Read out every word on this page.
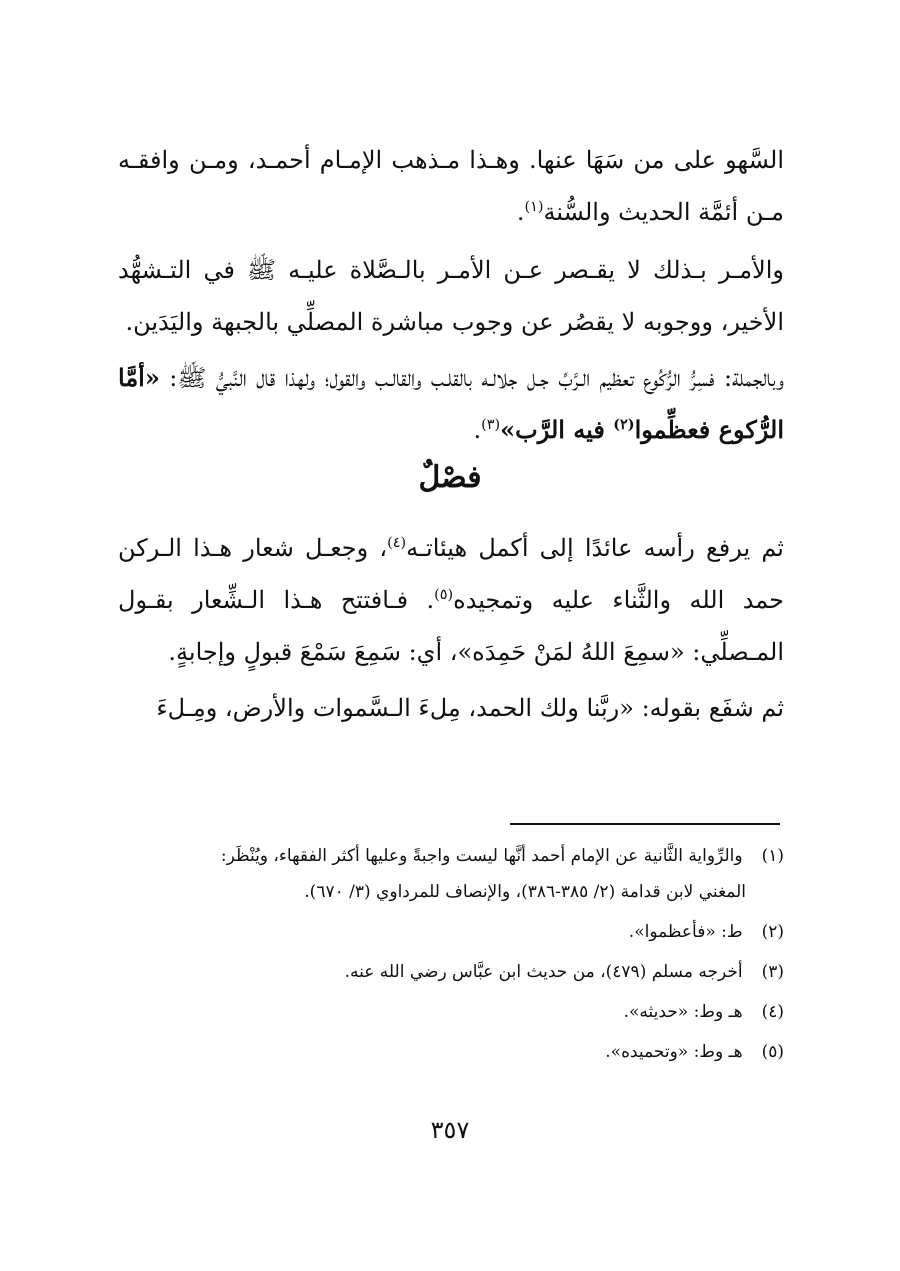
السَّهو على من سَهَا عنها. وهـذا مـذهب الإمـام أحمـد، ومـن وافقـه مـن أئمَّة الحديث والسُّنة$^{(١)}$.

والأمـر بـذلك لا يقـصر عـن الأمـر بالـصَّلاة عليـه ﷺ في التـشهُّد الأخير، ووجوبه لا يقصُر عن وجوب مباشرة المصلِّي بالجبهة واليَدَين.

وبالجملة: فسِرُّ الرُّكُوع تعظيم الـرَّبِّ جـل جلالـه بالقلـب والقالـب والقول؛ ولهذا قال النَّبيُّ ﷺ: «أمَّا الرُّكوع فعظِّموا$^{(٢)}$ فيه الرَّب»$^{(٣)}$.

فصْلٌ

ثم يرفع رأسه عائدًا إلى أكمل هيئاتـه$^{(٤)}$، وجعـل شعار هـذا الـركن حمد الله والثَّناء عليه وتمجيده$^{(٥)}$. فـافتتح هـذا الـشِّعار بقـول المـصلِّي: «سمِعَ اللهُ لمَنْ حَمِدَه»، أي: سَمِعَ سَمْعَ قبولٍ وإجابةٍ.

ثم شفَع بقوله: «ربَّنا ولك الحمد، مِلءَ الـسَّموات والأرض، ومِـلءَ

(١) والرِّواية الثَّانية عن الإمام أحمد أنَّها ليست واجبةً وعليها أكثر الفقهاء، ويُنْظَر:
المغني لابن قدامة (٢/ ٣٨٥-٣٨٦)، والإنصاف للمرداوي (٣/ ٦٧٠).
(٢) ط: «فأعظموا».
(٣) أخرجه مسلم (٤٧٩)، من حديث ابن عبَّاس رضي الله عنه.
(٤) هـ وط: «حديثه».
(٥) هـ وط: «وتحميده».
٣٥٧
